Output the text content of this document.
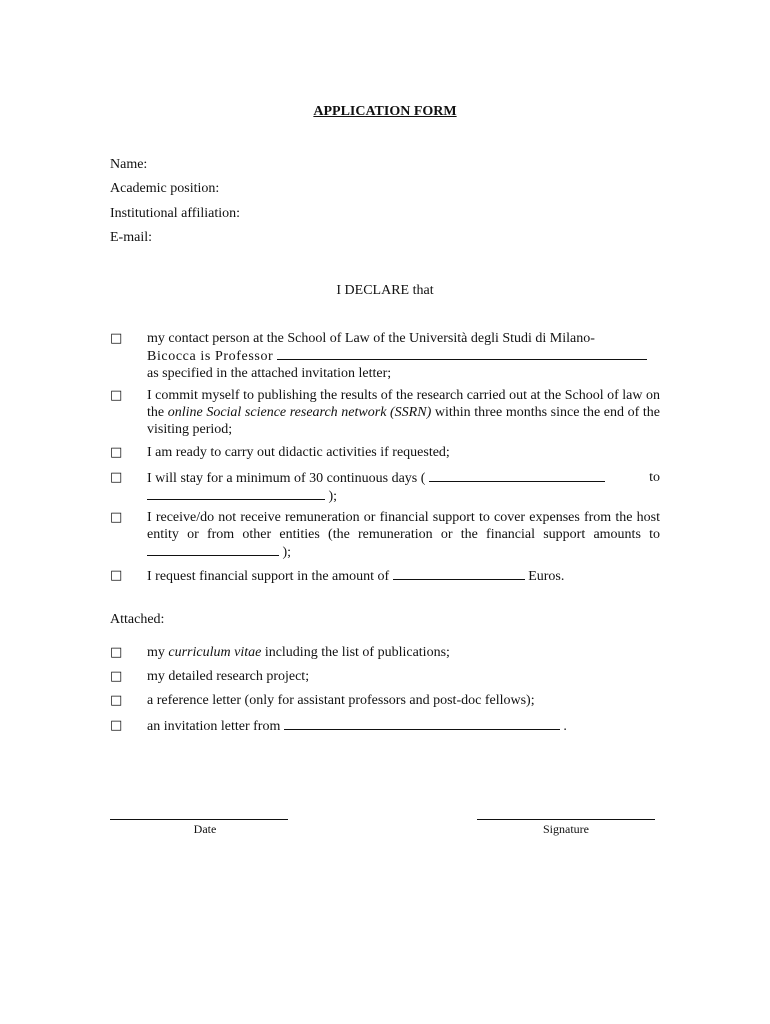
APPLICATION FORM
Name:
Academic position:
Institutional affiliation:
E-mail:
I DECLARE that
□	my contact person at the School of Law of the Università degli Studi di Milano-
Bicocca is Professor
as specified in the attached invitation letter;
□	I commit myself to publishing the results of the research carried out at the School of law on the online Social science research network (SSRN) within three months since the end of the visiting period;
□	I am ready to carry out didactic activities if requested;
□	I will stay for a minimum of 30 continuous days (	to

);
□	I receive/do not receive remuneration or financial support to cover expenses from the host entity or from other entities (the remuneration or the financial support amounts to  );
□	I request financial support in the amount of	Euros.
Attached:
□	my curriculum vitae including the list of publications;
□	my detailed research project;
□	a reference letter (only for assistant professors and post-doc fellows);
□	an invitation letter from	.
Date	Signature
